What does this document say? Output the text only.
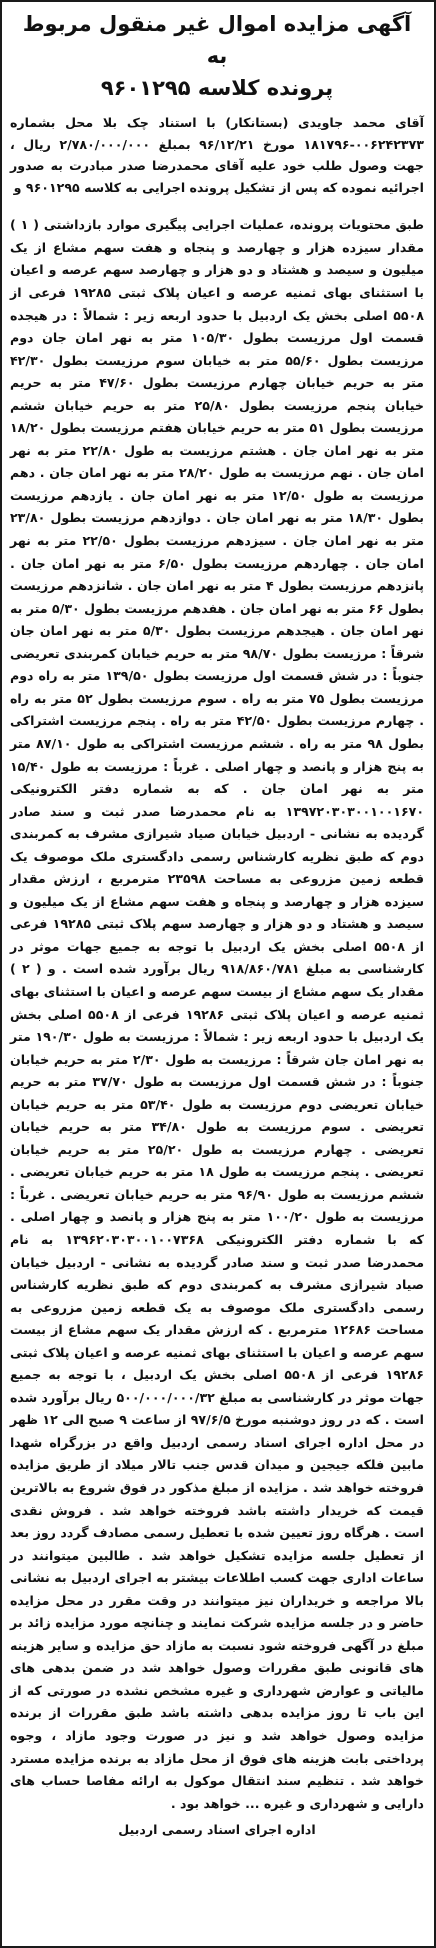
آگهی مزایده اموال غیر منقول مربوط به
پرونده کلاسه ۹۶۰۱۲۹۵

آقای محمد جاویدی (بستانکار) با استناد چک بلا محل بشماره ۰۰۶۲۴۲۳۷۳-۱۸۱۷۹۶ مورخ ۹۶/۱۲/۲۱ بمبلغ ۲/۷۸۰/۰۰۰/۰۰۰ ریال ، جهت وصول طلب خود علیه آقای محمدرضا صدر مبادرت به صدور اجرائیه نموده که پس از تشکیل پرونده اجرایی به کلاسه ۹۶۰۱۲۹۵ و

طبق محتویات پرونده، عملیات اجرایی پیگیری موارد بازداشتی ( ۱ ) مقدار سیزده هزار و چهارصد و پنجاه و هفت سهم مشاع از یک میلیون و سیصد و هشتاد و دو هزار و چهارصد سهم عرصه و اعیان با استثنای بهای ثمنیه عرصه و اعیان پلاک ثبتی ۱۹۲۸۵ فرعی از ۵۵۰۸ اصلی بخش یک اردبیل با حدود اربعه زیر : شمالاً : در هیجده قسمت اول مرزیست بطول ۱۰۵/۳۰ متر به نهر امان جان دوم مرزیست بطول ۵۵/۶۰ متر به خیابان سوم مرزیست بطول ۴۲/۳۰ متر به حریم خیابان چهارم مرزیست بطول ۴۷/۶۰ متر به حریم خیابان پنجم مرزیست بطول ۲۵/۸۰ متر به حریم خیابان ششم مرزیست بطول ۵۱ متر به حریم خیابان هفتم مرزیست بطول ۱۸/۲۰ متر به نهر امان جان . هشتم مرزیست به طول ۲۲/۸۰ متر به نهر امان جان . نهم مرزیست به طول ۲۸/۲۰ متر به نهر امان جان . دهم مرزیست به طول ۱۲/۵۰ متر به نهر امان جان . یازدهم مرزیست بطول ۱۸/۳۰ متر به نهر امان جان . دوازدهم مرزیست بطول ۲۳/۸۰ متر به نهر امان جان . سیزدهم مرزیست بطول ۲۲/۵۰ متر به نهر امان جان . چهاردهم مرزیست بطول ۶/۵۰ متر به نهر امان جان . پانزدهم مرزیست بطول ۴ متر به نهر امان جان . شانزدهم مرزیست بطول ۶۶ متر به نهر امان جان . هفدهم مرزیست بطول ۵/۳۰ متر به نهر امان جان . هیجدهم مرزیست بطول ۵/۳۰ متر به نهر امان جان شرقاً : مرزیست بطول ۹۸/۷۰ متر به حریم خیابان کمربندی تعریضی جنوباً : در شش قسمت اول مرزیست بطول ۱۳۹/۵۰ متر به راه دوم مرزیست بطول ۷۵ متر به راه . سوم مرزیست بطول ۵۲ متر به راه . چهارم مرزیست بطول ۴۲/۵۰ متر به راه . پنجم مرزیست اشتراکی بطول ۹۸ متر به راه . ششم مرزیست اشتراکی به طول ۸۷/۱۰ متر به پنج هزار و پانصد و چهار اصلی . غرباً : مرزیست به طول ۱۵/۴۰ متر به نهر امان جان . که به شماره دفتر الکترونیکی ۱۳۹۷۲۰۳۰۳۰۰۱۰۰۱۶۷۰ به نام محمدرضا صدر ثبت و سند صادر گردیده به نشانی - اردبیل خیابان صیاد شیرازی مشرف به کمربندی دوم که طبق نظریه کارشناس رسمی دادگستری ملک موصوف یک قطعه زمین مزروعی به مساحت ۲۳۵۹۸ مترمربع ، ارزش مقدار سیزده هزار و چهارصد و پنجاه و هفت سهم مشاع از یک میلیون و سیصد و هشتاد و دو هزار و چهارصد سهم پلاک ثبتی ۱۹۲۸۵ فرعی از ۵۵۰۸ اصلی بخش یک اردبیل با توجه به جمیع جهات موثر در کارشناسی به مبلغ ۹۱۸/۸۶۰/۷۸۱ ریال برآورد شده است . و ( ۲ ) مقدار یک سهم مشاع از بیست سهم عرصه و اعیان با استثنای بهای ثمنیه عرصه و اعیان پلاک ثبتی ۱۹۲۸۶ فرعی از ۵۵۰۸ اصلی بخش یک اردبیل با حدود اربعه زیر : شمالاً : مرزیست به طول ۱۹۰/۳۰ متر به نهر امان جان شرقاً : مرزیست به طول ۲/۳۰ متر به حریم خیابان جنوباً : در شش قسمت اول مرزیست به طول ۳۷/۷۰ متر به حریم خیابان تعریضی دوم مرزیست به طول ۵۳/۴۰ متر به حریم خیابان تعریضی . سوم مرزیست به طول ۳۴/۸۰ متر به حریم خیابان تعریضی . چهارم مرزیست به طول ۲۵/۲۰ متر به حریم خیابان تعریضی . پنجم مرزیست به طول ۱۸ متر به حریم خیابان تعریضی . ششم مرزیست به طول ۹۶/۹۰ متر به حریم خیابان تعریضی . غرباً : مرزیست به طول ۱۰۰/۲۰ متر به پنج هزار و پانصد و چهار اصلی . که با شماره دفتر الکترونیکی ۱۳۹۶۲۰۳۰۳۰۰۱۰۰۷۳۶۸ به نام محمدرضا صدر ثبت و سند صادر گردیده به نشانی - اردبیل خیابان صیاد شیرازی مشرف به کمربندی دوم که طبق نظریه کارشناس رسمی دادگستری ملک موصوف به یک قطعه زمین مزروعی به مساحت ۱۲۶۸۶ مترمربع . که ارزش مقدار یک سهم مشاع از بیست سهم عرصه و اعیان با استثنای بهای ثمنیه عرصه و اعیان پلاک ثبتی ۱۹۲۸۶ فرعی از ۵۵۰۸ اصلی بخش یک اردبیل ، با توجه به جمیع جهات موثر در کارشناسی به مبلغ ۵۰۰/۰۰۰/۰۰۰/۳۲ ریال برآورد شده است . که در روز دوشنبه مورخ ۹۷/۶/۵ از ساعت ۹ صبح الی ۱۲ ظهر در محل اداره اجرای اسناد رسمی اردبیل واقع در بزرگراه شهدا مابین فلکه جیجین و میدان قدس جنب تالار میلاد از طریق مزایده فروخته خواهد شد . مزایده از مبلغ مذکور در فوق شروع به بالاترین قیمت که خریدار داشته باشد فروخته خواهد شد . فروش نقدی است . هرگاه روز تعیین شده با تعطیل رسمی مصادف گردد روز بعد از تعطیل جلسه مزایده تشکیل خواهد شد . طالبین میتوانند در ساعات اداری جهت کسب اطلاعات بیشتر به اجرای اردبیل به نشانی بالا مراجعه و خریداران نیز میتوانند در وقت مقرر در محل مزایده حاضر و در جلسه مزایده شرکت نمایند و چنانچه مورد مزایده زائد بر مبلغ در آگهی فروخته شود نسبت به مازاد حق مزایده و سایر هزینه های قانونی طبق مقررات وصول خواهد شد در ضمن بدهی های مالیاتی و عوارض شهرداری و غیره مشخص نشده در صورتی که از این باب تا روز مزایده بدهی داشته باشد طبق مقررات از برنده مزایده وصول خواهد شد و نیز در صورت وجود مازاد ، وجوه پرداختی بابت هزینه های فوق از محل مازاد به برنده مزایده مسترد خواهد شد . تنظیم سند انتقال موکول به ارائه مفاصا حساب های دارایی و شهرداری و غیره ... خواهد بود .

اداره اجرای اسناد رسمی اردبیل
